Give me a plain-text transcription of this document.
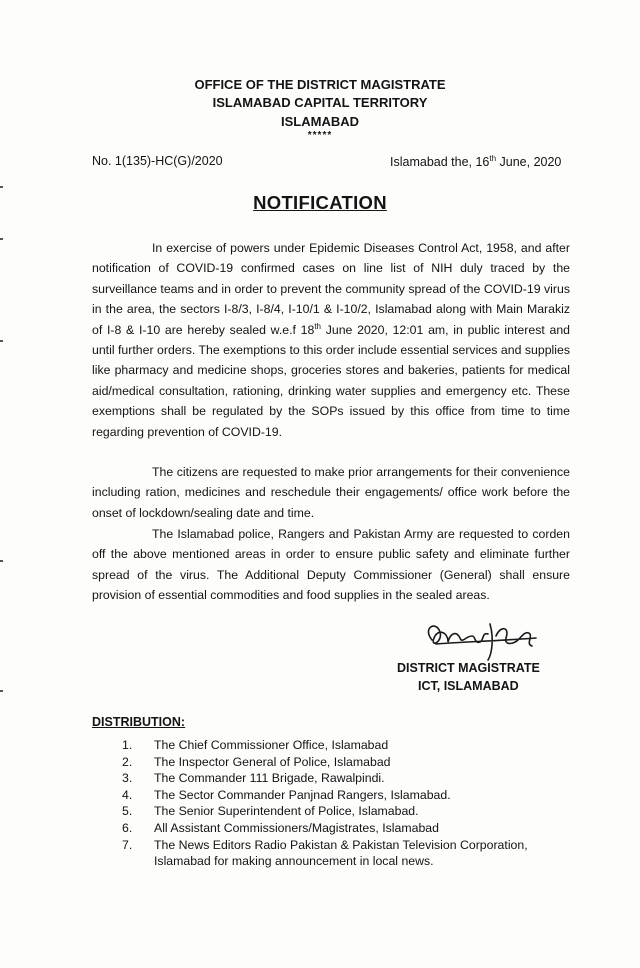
OFFICE OF THE DISTRICT MAGISTRATE
ISLAMABAD CAPITAL TERRITORY
ISLAMABAD
*****
No. 1(135)-HC(G)/2020	Islamabad the, 16th June, 2020
NOTIFICATION

In exercise of powers under Epidemic Diseases Control Act, 1958, and after notification of COVID-19 confirmed cases on line list of NIH duly traced by the surveillance teams and in order to prevent the community spread of the COVID-19 virus in the area, the sectors I-8/3, I-8/4, I-10/1 & I-10/2, Islamabad along with Main Marakiz of I-8 & I-10 are hereby sealed w.e.f 18th June 2020, 12:01 am, in public interest and until further orders. The exemptions to this order include essential services and supplies like pharmacy and medicine shops, groceries stores and bakeries, patients for medical aid/medical consultation, rationing, drinking water supplies and emergency etc. These exemptions shall be regulated by the SOPs issued by this office from time to time regarding prevention of COVID-19.

The citizens are requested to make prior arrangements for their convenience including ration, medicines and reschedule their engagements/ office work before the onset of lockdown/sealing date and time.

The Islamabad police, Rangers and Pakistan Army are requested to corden off the above mentioned areas in order to ensure public safety and eliminate further spread of the virus. The Additional Deputy Commissioner (General) shall ensure provision of essential commodities and food supplies in the sealed areas.

DISTRICT MAGISTRATE
ICT, ISLAMABAD
DISTRIBUTION:
1.	The Chief Commissioner Office, Islamabad
2.	The Inspector General of Police, Islamabad
3.	The Commander 111 Brigade, Rawalpindi.
4.	The Sector Commander Panjnad Rangers, Islamabad.
5.	The Senior Superintendent of Police, Islamabad.
6.	All Assistant Commissioners/Magistrates, Islamabad
7.	The News Editors Radio Pakistan & Pakistan Television Corporation,
Islamabad for making announcement in local news.
